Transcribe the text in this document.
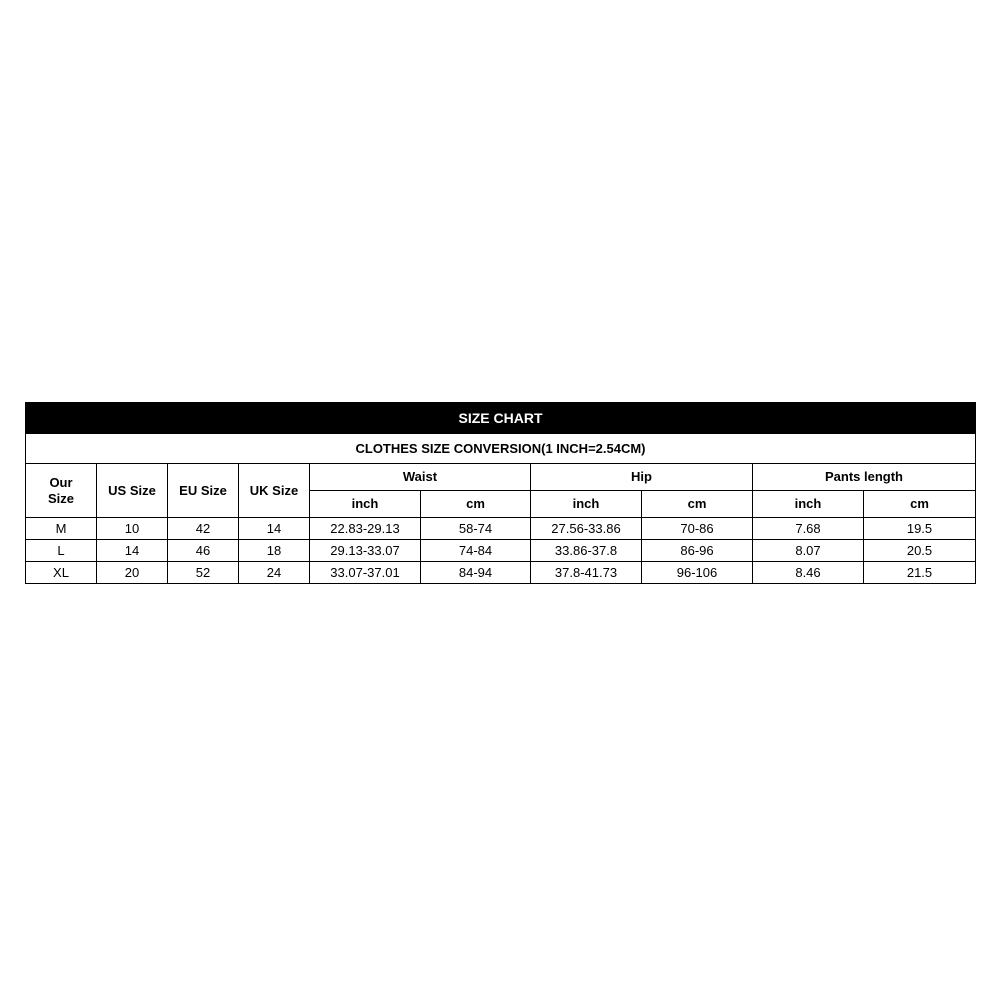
SIZE CHART									
CLOTHES SIZE CONVERSION(1 INCH=2.54CM)									

Our
Size	US Size	EU Size	UK Size	Waist		Hip		Pants length	
				inch	cm	inch	cm	inch	cm
M	10	42	14	22.83-29.13	58-74	27.56-33.86	70-86	7.68	19.5
L	14	46	18	29.13-33.07	74-84	33.86-37.8	86-96	8.07	20.5
XL	20	52	24	33.07-37.01	84-94	37.8-41.73	96-106	8.46	21.5
